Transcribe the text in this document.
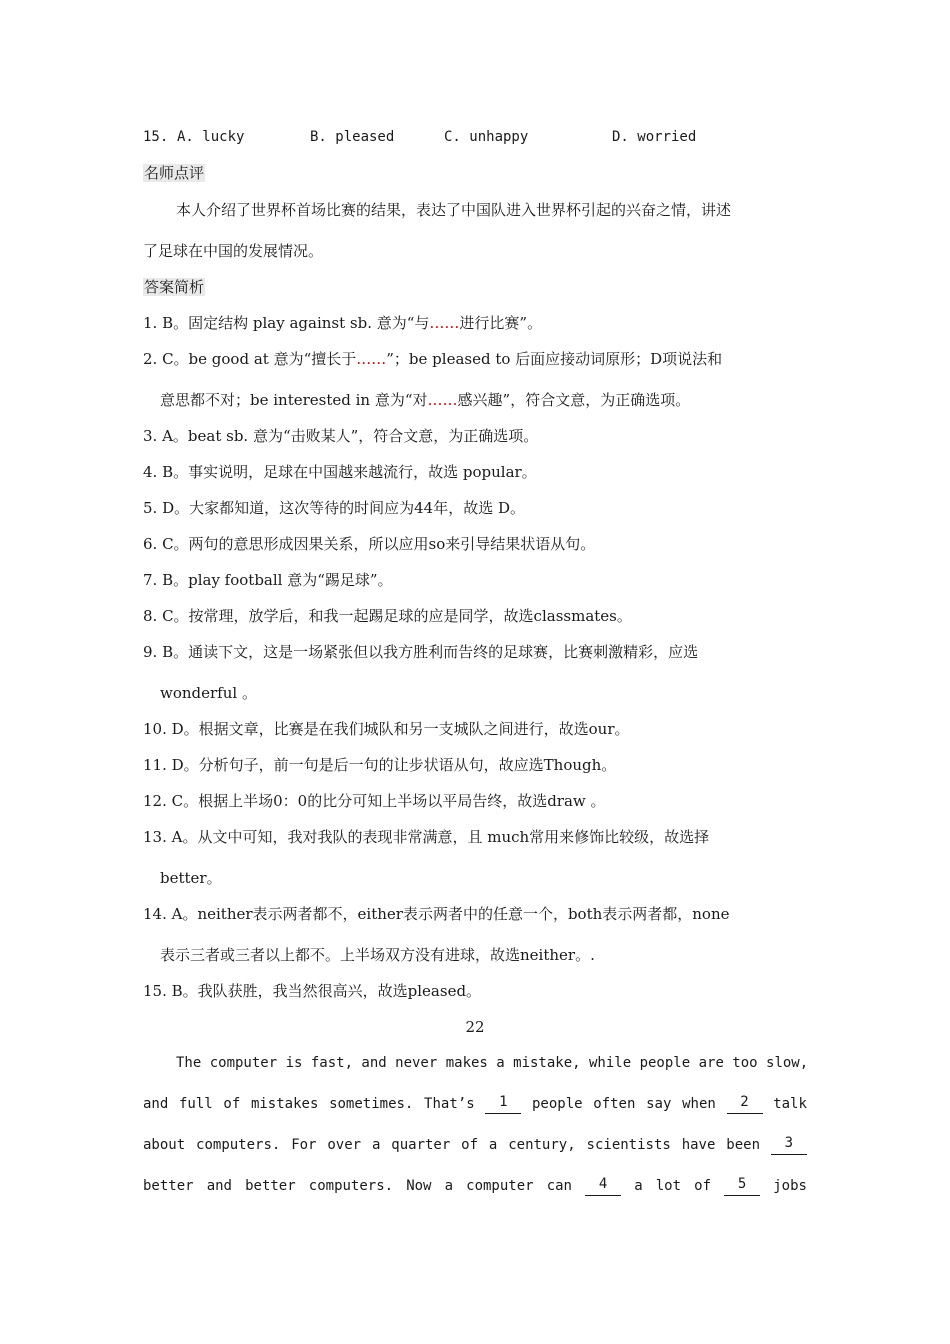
15. A. lucky	B. pleased	C. unhappy	D. worried
名师点评
本人介绍了世界杯首场比赛的结果，表达了中国队进入世界杯引起的兴奋之情，讲述
了足球在中国的发展情况。
答案简析
1. B。固定结构 play against sb. 意为“与……进行比赛”。
2. C。be good at 意为“擅长于……”；be pleased to 后面应接动词原形；D项说法和
意思都不对；be interested in 意为“对……感兴趣”，符合文意，为正确选项。
3. A。beat sb. 意为“击败某人”，符合文意，为正确选项。
4. B。事实说明，足球在中国越来越流行，故选 popular。
5. D。大家都知道，这次等待的时间应为44年，故选 D。
6. C。两句的意思形成因果关系，所以应用so来引导结果状语从句。
7. B。play football 意为“踢足球”。
8. C。按常理，放学后，和我一起踢足球的应是同学，故选classmates。
9. B。通读下文，这是一场紧张但以我方胜利而告终的足球赛，比赛刺激精彩，应选
wonderful 。
10. D。根据文章，比赛是在我们城队和另一支城队之间进行，故选our。
11. D。分析句子，前一句是后一句的让步状语从句，故应选Though。
12. C。根据上半场0：0的比分可知上半场以平局告终，故选draw 。
13. A。从文中可知，我对我队的表现非常满意，且 much常用来修饰比较级，故选择
better。
14. A。neither表示两者都不，either表示两者中的任意一个，both表示两者都，none
表示三者或三者以上都不。上半场双方没有进球，故选neither。.
15. B。我队获胜，我当然很高兴，故选pleased。
22
The computer is fast, and never makes a mistake, while people are too slow,
and full of mistakes sometimes. That’s	1	people often say when	2	talk
about computers. For over a quarter of a century, scientists have been	3
better and better computers. Now a computer can	4	a lot of	5	jobs
